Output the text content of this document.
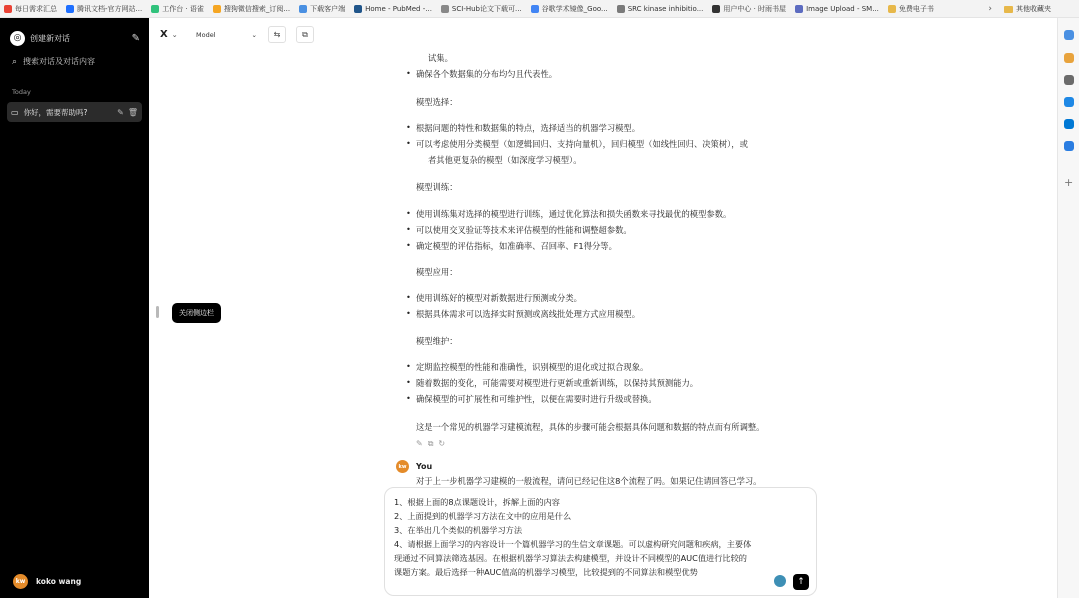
每日需求汇总	腾讯文档-官方网站...	工作台 · 语雀	搜狗微信搜索_订阅...	下载客户端	Home - PubMed -...	SCI-Hub论文下载可...	谷歌学术镜像_Goo...	SRC kinase inhibitio...	用户中心 · 时雨书屋	Image Upload - SM...	免费电子书	›	其他收藏夹
◎	创建新对话	✎
⌕ 搜索对话及对话内容
Today
▭ 你好，需要帮助吗?	✎ 🗑
kw	koko wang
X ⌄	Model	⌄ ⇆	⧉
关闭侧边栏
试集。
• 确保各个数据集的分布均匀且代表性。
模型选择：
• 根据问题的特性和数据集的特点，选择适当的机器学习模型。
• 可以考虑使用分类模型（如逻辑回归、支持向量机），回归模型（如线性回归、决策树），或
者其他更复杂的模型（如深度学习模型）。
模型训练：
• 使用训练集对选择的模型进行训练，通过优化算法和损失函数来寻找最优的模型参数。
• 可以使用交叉验证等技术来评估模型的性能和调整超参数。
• 确定模型的评估指标，如准确率、召回率、F1得分等。
模型应用：
• 使用训练好的模型对新数据进行预测或分类。
• 根据具体需求可以选择实时预测或离线批处理方式应用模型。
模型维护：
• 定期监控模型的性能和准确性，识别模型的退化或过拟合现象。
• 随着数据的变化，可能需要对模型进行更新或重新训练，以保持其预测能力。
• 确保模型的可扩展性和可维护性，以便在需要时进行升级或替换。
这是一个常见的机器学习建模流程，具体的步骤可能会根据具体问题和数据的特点而有所调整。
✎ ⧉ ↻
kw	You
对于上一步机器学习建模的一般流程，请问已经记住这8个流程了吗。如果记住请回答已学习。
1、根据上面的8点课题设计，拆解上面的内容
2、上面提到的机器学习方法在文中的应用是什么
3、在举出几个类似的机器学习方法
4、请根据上面学习的内容设计一个篇机器学习的生信文章课题。可以虚构研究问题和疾病，主要体
现通过不同算法筛选基因。在根据机器学习算法去构建模型，并设计不同模型的AUC值进行比较的
课题方案。最后选择一种AUC值高的机器学习模型，比较提到的不同算法和模型优势
↑
+
